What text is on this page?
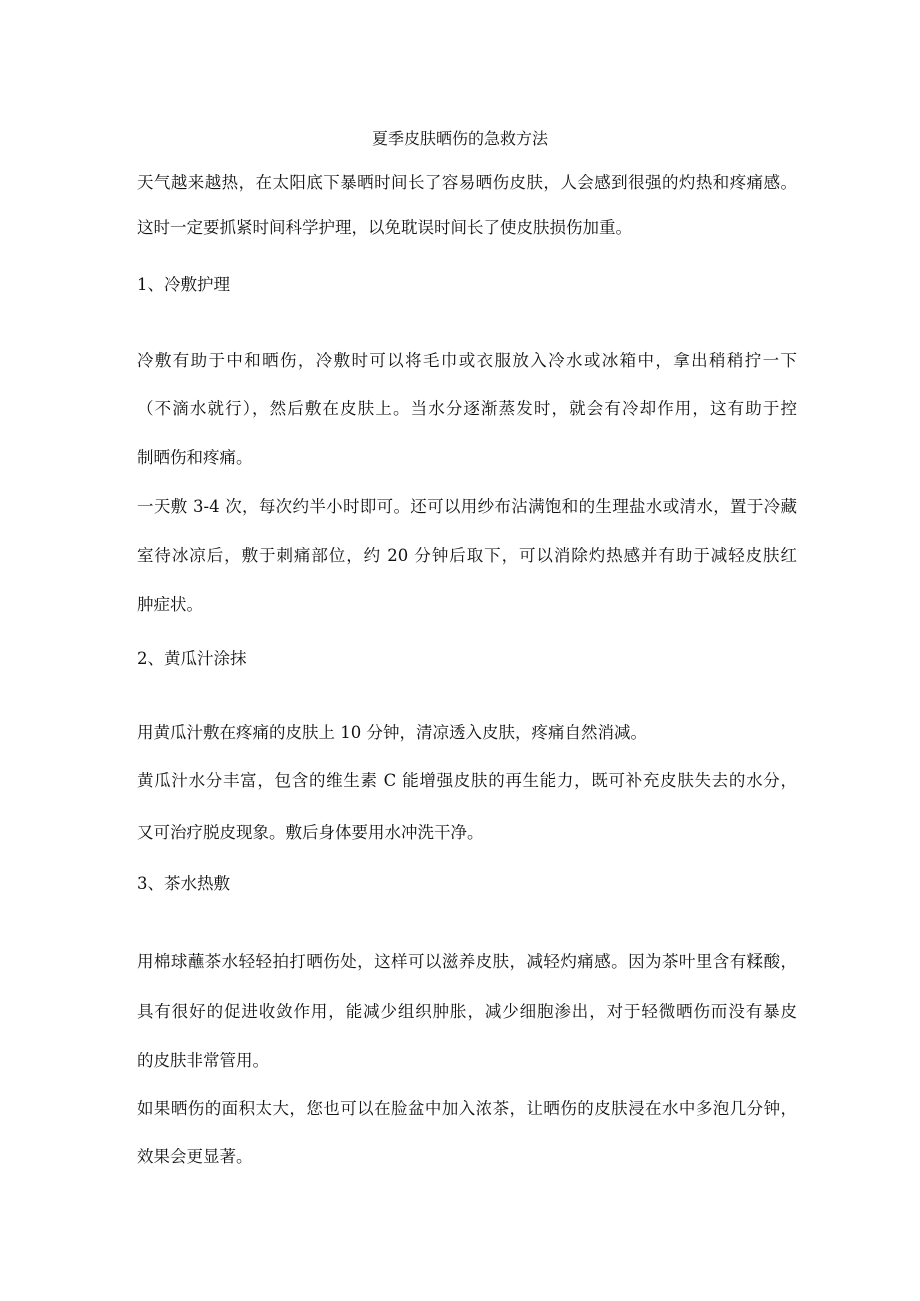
夏季皮肤晒伤的急救方法
天气越来越热，在太阳底下暴晒时间长了容易晒伤皮肤，人会感到很强的灼热和疼痛感。
这时一定要抓紧时间科学护理，以免耽误时间长了使皮肤损伤加重。
1、冷敷护理
冷敷有助于中和晒伤，冷敷时可以将毛巾或衣服放入冷水或冰箱中，拿出稍稍拧一下
（不滴水就行），然后敷在皮肤上。当水分逐渐蒸发时，就会有冷却作用，这有助于控
制晒伤和疼痛。
一天敷 3-4 次，每次约半小时即可。还可以用纱布沾满饱和的生理盐水或清水，置于冷藏
室待冰凉后，敷于刺痛部位，约 20 分钟后取下，可以消除灼热感并有助于减轻皮肤红
肿症状。
2、黄瓜汁涂抹
用黄瓜汁敷在疼痛的皮肤上 10 分钟，清凉透入皮肤，疼痛自然消减。
黄瓜汁水分丰富，包含的维生素 C 能增强皮肤的再生能力，既可补充皮肤失去的水分，
又可治疗脱皮现象。敷后身体要用水冲洗干净。
3、茶水热敷
用棉球蘸茶水轻轻拍打晒伤处，这样可以滋养皮肤，减轻灼痛感。因为茶叶里含有糅酸，
具有很好的促进收敛作用，能减少组织肿胀，减少细胞渗出，对于轻微晒伤而没有暴皮
的皮肤非常管用。
如果晒伤的面积太大，您也可以在脸盆中加入浓茶，让晒伤的皮肤浸在水中多泡几分钟，
效果会更显著。
